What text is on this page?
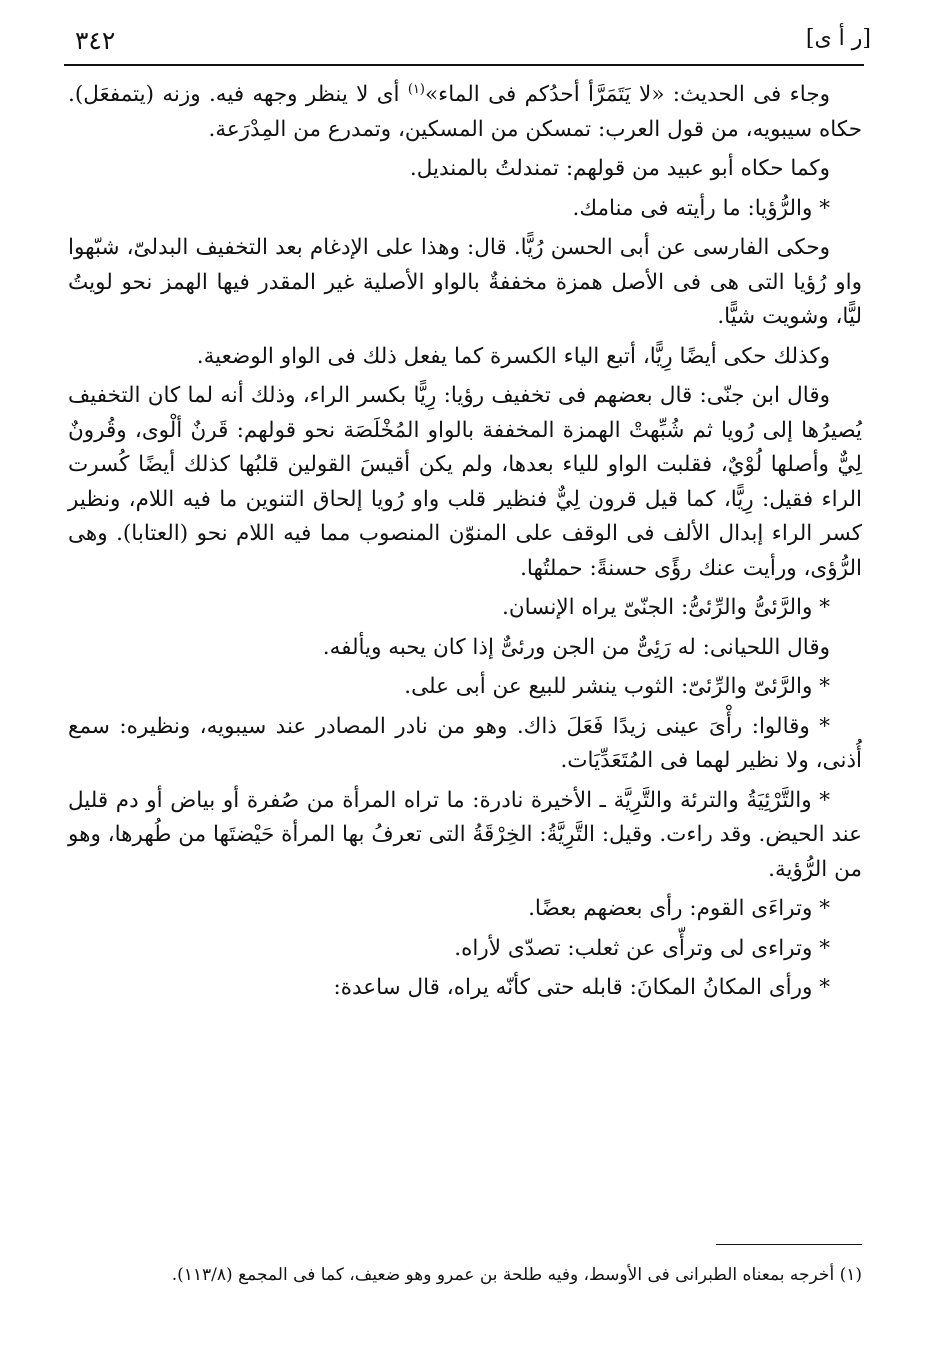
[ر أ ى]
٣٤٢

وجاء فى الحديث: «لا يَتَمَرَّأ أحدُكم فى الماء»$^{(١)}$ أى لا ينظر وجهه فيه. وزنه (يتمفعَل). حكاه سيبويه، من قول العرب: تمسكن من المسكين، وتمدرع من المِدْرَعة.

وكما حكاه أبو عبيد من قولهم: تمندلتُ بالمنديل.

* والرُّؤيا: ما رأيته فى منامك.

وحكى الفارسى عن أبى الحسن رُيًّا. قال: وهذا على الإدغام بعد التخفيف البدلىّ، شبّهوا واو رُؤيا التى هى فى الأصل همزة مخففةٌ بالواو الأصلية غير المقدر فيها الهمز نحو لويتُ ليًّا، وشويت شيًّا.

وكذلك حكى أيضًا رِيًّا، أتبع الياء الكسرة كما يفعل ذلك فى الواو الوضعية.

وقال ابن جنّى: قال بعضهم فى تخفيف رؤيا: رِيًّا بكسر الراء، وذلك أنه لما كان التخفيف يُصيرُها إلى رُويا ثم شُبِّهتْ الهمزة المخففة بالواو المُخْلَصَة نحو قولهم: قَرنٌ ألْوى، وقُرونٌ لِيٌّ وأصلها لُوْيٌ، فقلبت الواو للياء بعدها، ولم يكن أقيسَ القولين قلبُها كذلك أيضًا كُسرت الراء فقيل: رِيًّا، كما قيل قرون لِيٌّ فنظير قلب واو رُويا إلحاق التنوين ما فيه اللام، ونظير كسر الراء إبدال الألف فى الوقف على المنوّن المنصوب مما فيه اللام نحو (العتابا). وهى الرُّؤى، ورأيت عنك رؤًى حسنةً: حملتُها.

* والرَّئىُّ والرِّئىُّ: الجنّىّ يراه الإنسان.

وقال اللحيانى: له رَئِىٌّ من الجن ورئىٌّ إذا كان يحبه ويألفه.

* والرَّئىّ والرِّئىّ: الثوب ينشر للبيع عن أبى على.

* وقالوا: رأْىَ عينى زيدًا فَعَلَ ذاك. وهو من نادر المصادر عند سيبويه، ونظيره: سمع أُذنى، ولا نظير لهما فى المُتَعَدِّيَات.

* والتَّرْئِيَةُ والترئة والتَّرِيَّة ـ الأخيرة نادرة: ما تراه المرأة من صُفرة أو بياض أو دم قليل عند الحيض. وقد راءت. وقيل: التَّرِيَّةُ: الخِرْقَةُ التى تعرفُ بها المرأة حَيْضتَها من طُهرها، وهو من الرُّؤية.

* وتراءَى القوم: رأى بعضهم بعضًا.

* وتراءى لى وترأّى عن ثعلب: تصدّى لأراه.

* ورأى المكانُ المكانَ: قابله حتى كأنّه يراه، قال ساعدة:

(١) أخرجه بمعناه الطبرانى فى الأوسط، وفيه طلحة بن عمرو وهو ضعيف، كما فى المجمع (١١٣/٨).
